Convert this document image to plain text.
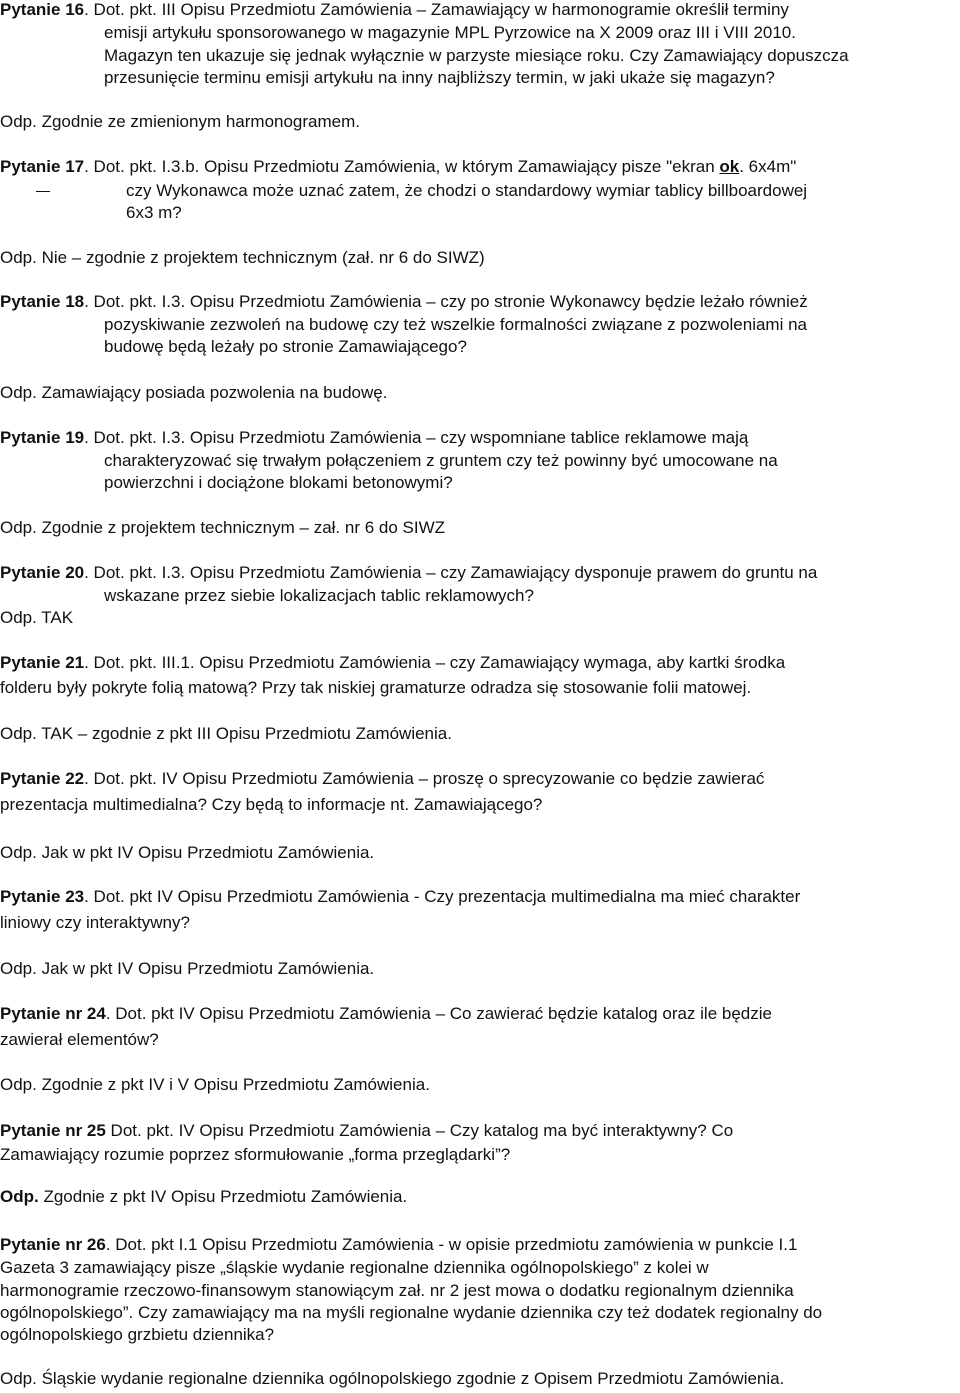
Pytanie 16. Dot. pkt. III Opisu Przedmiotu Zamówienia – Zamawiający w harmonogramie określił terminy
emisji artykułu sponsorowanego w magazynie MPL Pyrzowice na X 2009 oraz III i VIII 2010.
Magazyn ten ukazuje się jednak wyłącznie w parzyste miesiące roku. Czy Zamawiający dopuszcza
przesunięcie terminu emisji artykułu na inny najbliższy termin, w jaki ukaże się magazyn?
Odp. Zgodnie ze zmienionym harmonogramem.
Pytanie 17. Dot. pkt. I.3.b. Opisu Przedmiotu Zamówienia, w którym Zamawiający pisze "ekran ok. 6x4m"
czy Wykonawca może uznać zatem, że chodzi o standardowy wymiar tablicy billboardowej
6x3 m?
Odp. Nie – zgodnie z projektem technicznym (zał. nr 6 do SIWZ)
Pytanie 18. Dot. pkt. I.3. Opisu Przedmiotu Zamówienia – czy po stronie Wykonawcy będzie leżało również
pozyskiwanie zezwoleń na budowę czy też wszelkie formalności związane z pozwoleniami na
budowę będą leżały po stronie Zamawiającego?
Odp. Zamawiający posiada pozwolenia na budowę.
Pytanie 19. Dot. pkt. I.3. Opisu Przedmiotu Zamówienia – czy wspomniane tablice reklamowe mają
charakteryzować się trwałym połączeniem z gruntem czy też powinny być umocowane na
powierzchni i dociążone blokami betonowymi?
Odp. Zgodnie z projektem technicznym – zał. nr 6 do SIWZ
Pytanie 20. Dot. pkt. I.3. Opisu Przedmiotu Zamówienia – czy Zamawiający dysponuje prawem do gruntu na
wskazane przez siebie lokalizacjach tablic reklamowych?
Odp. TAK
Pytanie 21. Dot. pkt. III.1. Opisu Przedmiotu Zamówienia – czy Zamawiający wymaga, aby kartki środka
folderu były pokryte folią matową? Przy tak niskiej gramaturze odradza się stosowanie folii matowej.
Odp. TAK – zgodnie z pkt III Opisu Przedmiotu Zamówienia.
Pytanie 22. Dot. pkt. IV Opisu Przedmiotu Zamówienia – proszę o sprecyzowanie co będzie zawierać
prezentacja multimedialna? Czy będą to informacje nt. Zamawiającego?
Odp. Jak w pkt IV Opisu Przedmiotu Zamówienia.
Pytanie 23. Dot. pkt IV Opisu Przedmiotu Zamówienia - Czy prezentacja multimedialna ma mieć charakter
liniowy czy interaktywny?
Odp. Jak w pkt IV Opisu Przedmiotu Zamówienia.
Pytanie nr 24. Dot. pkt IV Opisu Przedmiotu Zamówienia – Co zawierać będzie katalog oraz ile będzie
zawierał elementów?
Odp. Zgodnie z pkt IV i V Opisu Przedmiotu Zamówienia.
Pytanie nr 25 Dot. pkt. IV Opisu Przedmiotu Zamówienia – Czy katalog ma być interaktywny? Co
Zamawiający rozumie poprzez sformułowanie „forma przeglądarki”?
Odp. Zgodnie z pkt IV Opisu Przedmiotu Zamówienia.
Pytanie nr 26. Dot. pkt I.1 Opisu Przedmiotu Zamówienia - w opisie przedmiotu zamówienia w punkcie I.1
Gazeta 3 zamawiający pisze „śląskie wydanie regionalne dziennika ogólnopolskiego” z kolei w
harmonogramie rzeczowo-finansowym stanowiącym zał. nr 2 jest mowa o dodatku regionalnym dziennika
ogólnopolskiego”. Czy zamawiający ma na myśli regionalne wydanie dziennika czy też dodatek regionalny do
ogólnopolskiego grzbietu dziennika?
Odp. Śląskie wydanie regionalne dziennika ogólnopolskiego zgodnie z Opisem Przedmiotu Zamówienia.
